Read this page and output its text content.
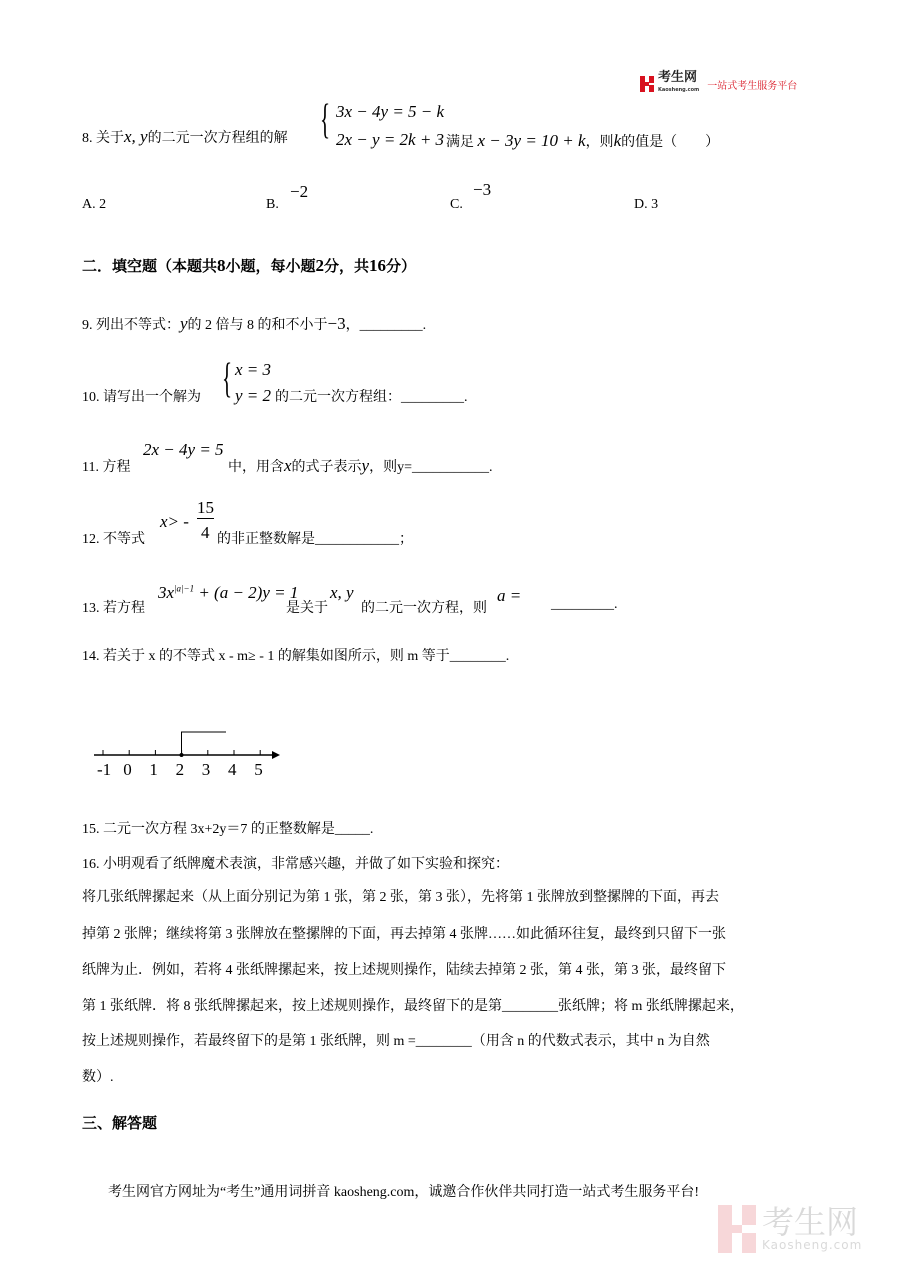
考生网
Kaosheng.com 一站式考生服务平台
8. 关于x, y的二元一次方程组的解 { 3x − 4y = 5 − k
2x − y = 2k + 3 满足 x − 3y = 10 + k，则k的值是（　　）
A. 2	B.
−2
C.
−3
D. 3
二．填空题（本题共8小题，每小题2分，共16分）
9. 列出不等式：y的 2 倍与 8 的和不小于−3，_________.
10. 请写出一个解为 { x = 3
y = 2 的二元一次方程组：_________.
11. 方程
2x − 4y = 5
中，用含x的式子表示y，则y=___________.
12. 不等式
x> -
15
4 的非正整数解是____________；
13. 若方程
$3x^{|a|-1} + (a - 2)y = 1$
是关于
x, y
的二元一次方程，则
a = _________.
14. 若关于 x 的不等式 x - m≥ - 1 的解集如图所示，则 m 等于________.
-1 0 1 2 3 4 5
15. 二元一次方程 3x+2y＝7 的正整数解是_____.
16. 小明观看了纸牌魔术表演，非常感兴趣，并做了如下实验和探究：
将几张纸牌摞起来（从上面分别记为第 1 张，第 2 张，第 3 张），先将第 1 张牌放到整摞牌的下面，再去
掉第 2 张牌；继续将第 3 张牌放在整摞牌的下面，再去掉第 4 张牌……如此循环往复，最终到只留下一张
纸牌为止．例如，若将 4 张纸牌摞起来，按上述规则操作，陆续去掉第 2 张，第 4 张，第 3 张，最终留下
第 1 张纸牌．将 8 张纸牌摞起来，按上述规则操作，最终留下的是第________张纸牌；将 m 张纸牌摞起来，
按上述规则操作，若最终留下的是第 1 张纸牌，则 m =________（用含 n 的代数式表示，其中 n 为自然
数）.
三、解答题
考生网官方网址为“考生”通用词拼音 kaosheng.com，诚邀合作伙伴共同打造一站式考生服务平台!
考生网
Kaosheng.com
